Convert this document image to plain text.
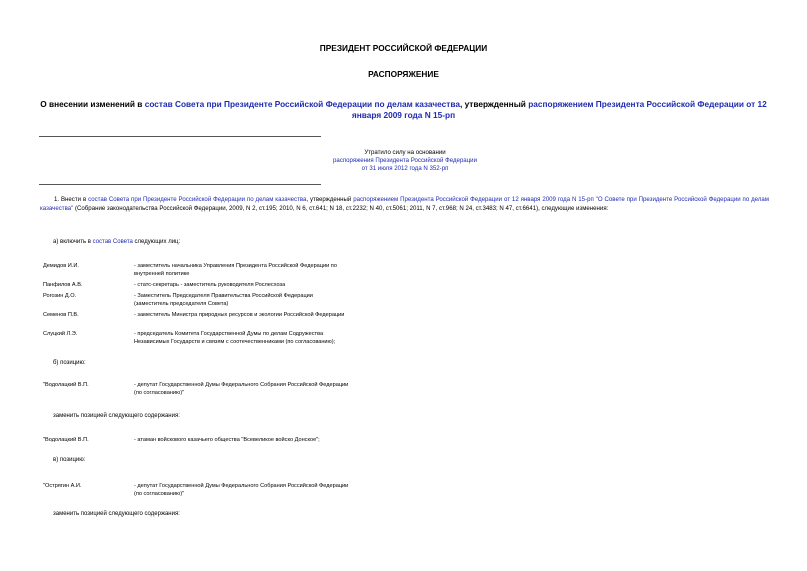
ПРЕЗИДЕНТ РОССИЙСКОЙ ФЕДЕРАЦИИ
РАСПОРЯЖЕНИЕ
О внесении изменений в состав Совета при Президенте Российской Федерации по делам казачества, утвержденный распоряжением Президента Российской Федерации от 12 января 2009 года N 15-рп
Утратило силу на основании
распоряжения Президента Российской Федерации
от 31 июля 2012 года N 352-рп
1. Внести в состав Совета при Президенте Российской Федерации по делам казачества, утвержденный распоряжением Президента Российской Федерации от 12 января 2009 года N 15-рп "О Совете при Президенте Российской Федерации по делам казачества" (Собрание законодательства Российской Федерации, 2009, N 2, ст.195; 2010, N 6, ст.641; N 18, ст.2232; N 40, ст.5061; 2011, N 7, ст.968; N 24, ст.3483; N 47, ст.6641), следующие изменения:
а) включить в состав Совета следующих лиц:
Демидов И.И.	- заместитель начальника Управления Президента Российской Федерации по внутренней политике
Панфилов А.В.	- статс-секретарь - заместитель руководителя Рослесхоза
Рогозин Д.О.	- Заместитель Председателя Правительства Российской Федерации (заместитель председателя Совета)
Семенов П.В.	- заместитель Министра природных ресурсов и экологии Российской Федерации
Слуцкий Л.Э.	- председатель Комитета Государственной Думы по делам Содружества Независимых Государств и связям с соотечественниками (по согласованию);
б) позицию:
"Водолацкий В.П.	- депутат Государственной Думы Федерального Собрания Российской Федерации (по согласованию)"
заменить позицией следующего содержания:
"Водолацкий В.П.	- атаман войскового казачьего общества "Всевеликое войско Донское";
в) позицию:
"Острягин А.И.	- депутат Государственной Думы Федерального Собрания Российской Федерации (по согласованию)"
заменить позицией следующего содержания:
